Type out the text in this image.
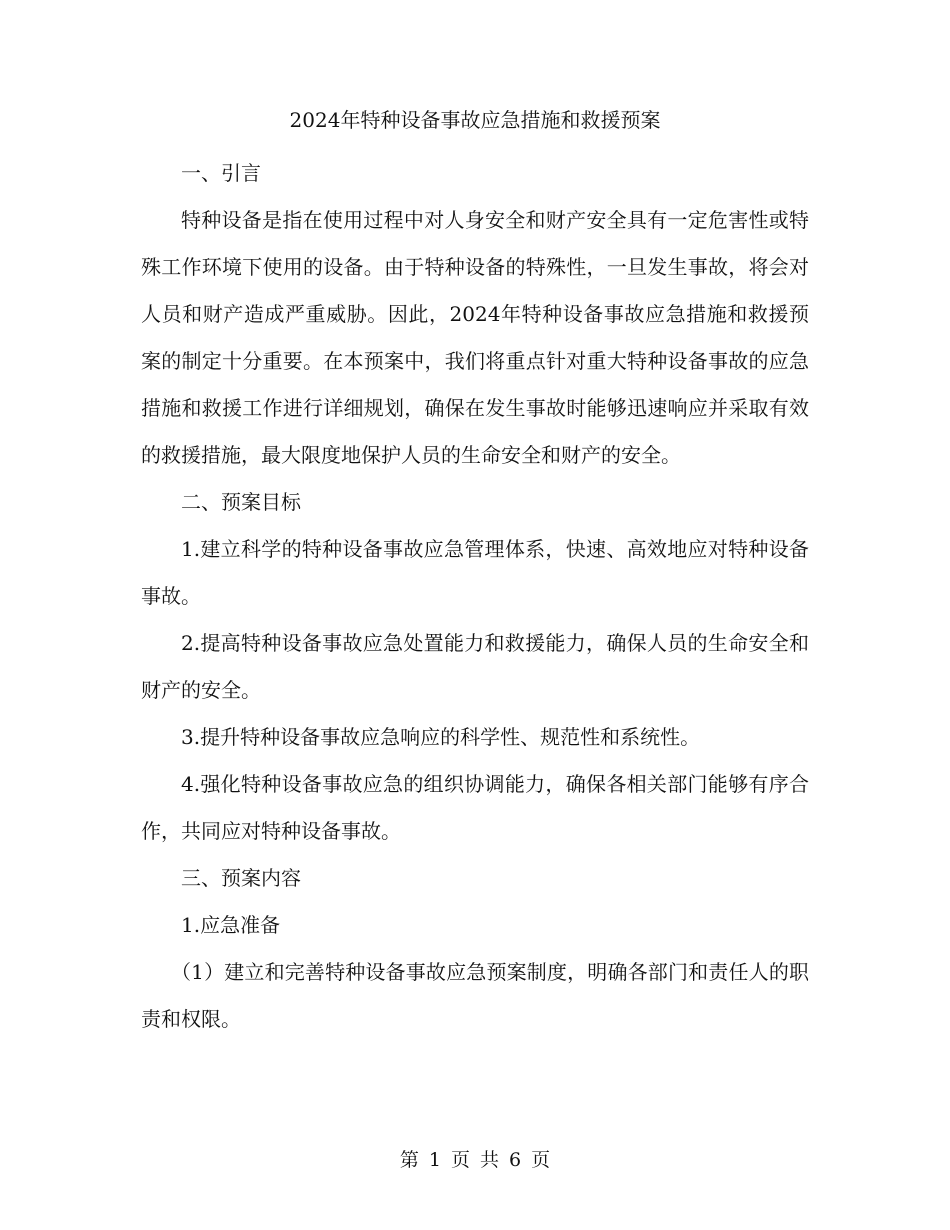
2024年特种设备事故应急措施和救援预案

一、引言

特种设备是指在使用过程中对人身安全和财产安全具有一定危害性或特殊工作环境下使用的设备。由于特种设备的特殊性，一旦发生事故，将会对人员和财产造成严重威胁。因此，2024年特种设备事故应急措施和救援预案的制定十分重要。在本预案中，我们将重点针对重大特种设备事故的应急措施和救援工作进行详细规划，确保在发生事故时能够迅速响应并采取有效的救援措施，最大限度地保护人员的生命安全和财产的安全。

二、预案目标

1.建立科学的特种设备事故应急管理体系，快速、高效地应对特种设备事故。

2.提高特种设备事故应急处置能力和救援能力，确保人员的生命安全和财产的安全。

3.提升特种设备事故应急响应的科学性、规范性和系统性。

4.强化特种设备事故应急的组织协调能力，确保各相关部门能够有序合作，共同应对特种设备事故。

三、预案内容

1.应急准备

（1）建立和完善特种设备事故应急预案制度，明确各部门和责任人的职责和权限。

第 1 页 共 6 页
